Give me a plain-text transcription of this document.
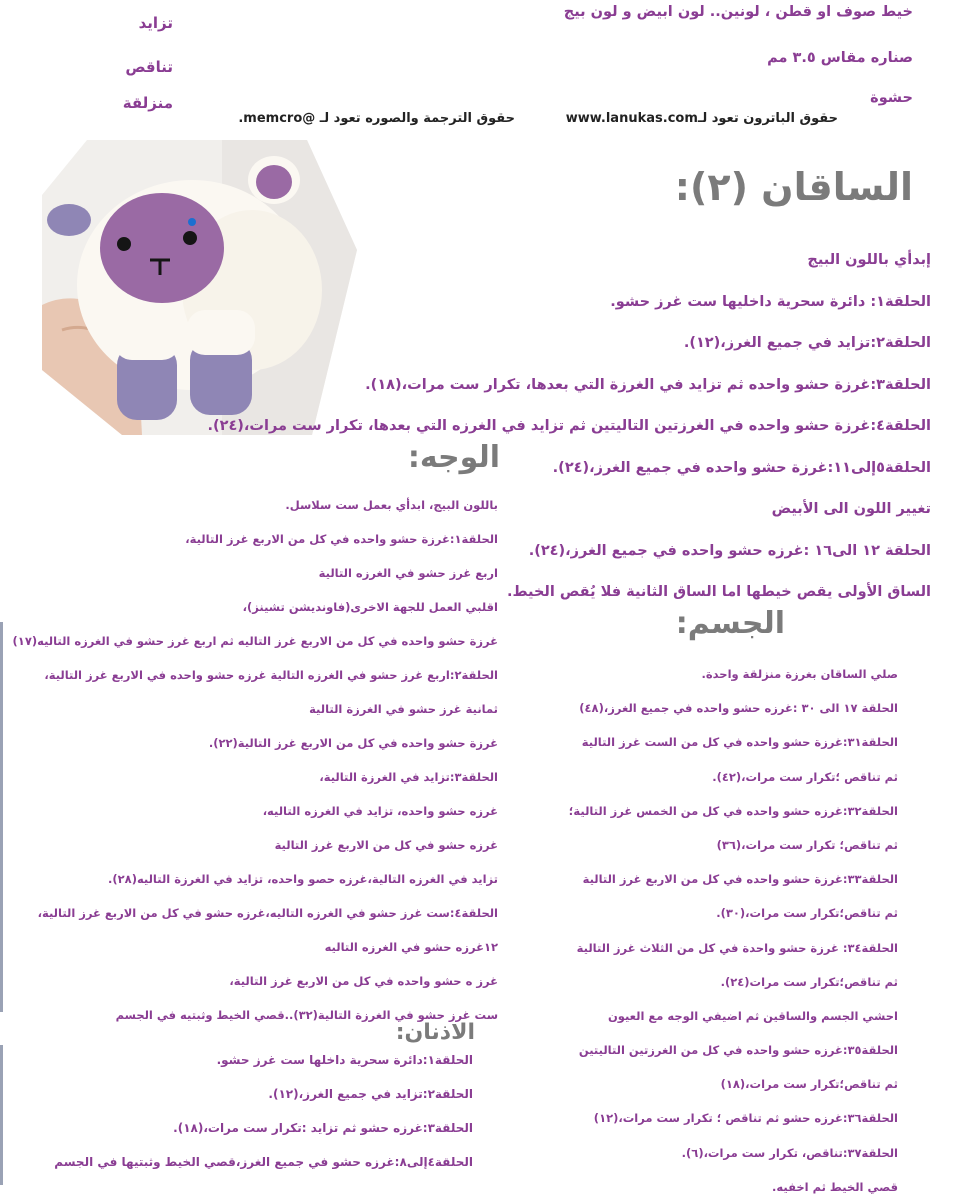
تزايد
تناقص
منزلقة
خيط صوف او قطن ، لونين.. لون ابيض و لون بيج
صناره مقاس ٣.٥ مم
حشوة
حقوق الباترون تعود لـwww.lanukas.com
حقوق الترجمة والصوره تعود لـ @memcro.
الساقان (٢):

إبدأي باللون البيج

الحلقة١: دائرة سحرية داخليها ست غرز حشو.

الحلقة٢:تزايد في جميع الغرز،(١٢).

الحلقة٣:غرزة حشو واحده ثم تزايد في الغرزة التي بعدها، تكرار ست مرات،(١٨).

الحلقة٤:غرزة حشو واحده في الغرزتين التاليتين ثم تزايد في الغرزه التي بعدها، تكرار ست مرات،(٢٤).

الحلقة٥إلى١١:غرزة حشو واحده في جميع الغرز،(٢٤).

تغيير اللون الى الأبيض

الحلقة ١٢ الى١٦ :غرزه حشو واحده في جميع الغرز،(٢٤).

الساق الأولى يقص خيطها اما الساق الثانية فلا يُقص الخيط.

الوجه:

باللون البيج، ابدأي بعمل ست سلاسل.

الحلقة١:غرزة حشو واحده في كل من الاربع غرز التالية،

اربع غرز حشو في الغرزه التالية

اقلبي العمل للجهة الاخرى(فاونديشن تشينز)،

غرزة حشو واحده في كل من الاربع غرز التاليه ثم اربع غرز حشو في الغرزه التاليه(١٧)

الحلقة٢:اربع غرز حشو في الغرزه التالية غرزه حشو واحده في الاربع غرز التالية،

ثمانية غرز حشو في الغرزة التالية

غرزة حشو واحده في كل من الاربع غرز التالية(٢٢).

الحلقة٣:تزايد في الغرزة التالية،

غرزه حشو واحده، تزايد في الغرزه التاليه،

غرزه حشو في كل من الاربع غرز التالية

تزايد في الغرزه التالية،غرزه حصو واحده، تزايد في الغرزة التاليه(٢٨).

الحلقة٤:ست غرز حشو في الغرزه التاليه،غرزه حشو في كل من الاربع غرز التالية،

١٢غرزه حشو في الغرزه التاليه

غرز ه حشو واحده في كل من الاربع غرز التالية،

ست غرز حشو في الغرزة التالية(٣٢)..قصي الخيط وثبتيه في الجسم

الاذنان:

الحلقة١:دائرة سحرية داخلها ست غرز حشو.

الحلقة٢:تزايد في جميع الغرز،(١٢).

الحلقة٣:غرزه حشو ثم تزايد :تكرار ست مرات،(١٨).

الحلقة٤إلى٨:غرزه حشو في جميع الغرز،قصي الخيط وثبتيها في الجسم

الجسم:

صلي الساقان بغرزة منزلقة واحدة.

الحلقة ١٧ الى ٣٠ :غرزه حشو واحده في جميع الغرز،(٤٨)

الحلقة٣١:غرزة حشو واحده في كل من الست غرز التالية

ثم تناقص ؛تكرار ست مرات،(٤٢).

الحلقة٣٢:غرزه حشو واحده في كل من الخمس غرز التالية؛

ثم تناقص؛ تكرار ست مرات،(٣٦)

الحلقة٣٣:غرزة حشو واحده في كل من الاربع غرز التالية

ثم تناقص؛تكرار ست مرات،(٣٠).

الحلقة٣٤: غرزة حشو واحدة في كل من الثلاث غرز التالية

ثم تناقص؛تكرار ست مرات(٢٤).

احشي الجسم والساقين ثم اضيفي الوجه مع العيون

الحلقة٣٥:غرزه حشو واحده في كل من الغرزتين التاليتين

ثم تناقص؛تكرار ست مرات،(١٨)

الحلقة٣٦:غرزه حشو ثم تناقص ؛ تكرار ست مرات،(١٢)

الحلقة٣٧:تناقص، تكرار ست مرات،(٦).

قصي الخيط ثم اخفيه.
